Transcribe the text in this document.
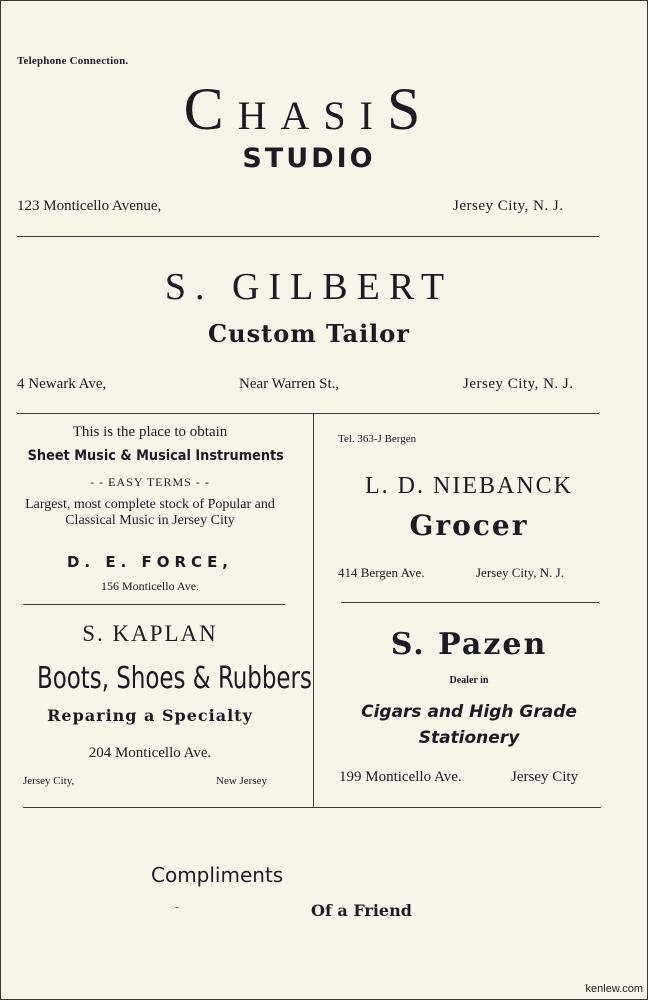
Telephone Connection.
CHASIS
STUDIO
123 Monticello Avenue,	Jersey City, N. J.
S. GILBERT
Custom Tailor
4 Newark Ave,	Near Warren St.,	Jersey City, N. J.
This is the place to obtain
Sheet Music & Musical Instruments
- - EASY TERMS - -
Largest, most complete stock of Popular and Classical Music in Jersey City
D. E. FORCE,
156 Monticello Ave.
Tel. 363-J Bergen
L. D. NIEBANCK
Grocer
414 Bergen Ave.	Jersey City, N. J.
S. KAPLAN
Boots, Shoes & Rubbers
Reparing a Specialty
204 Monticello Ave.
Jersey City,	New Jersey
S. Pazen
Dealer in
Cigars and High Grade Stationery
199 Monticello Ave.	Jersey City
Compliments
Of a Friend
kenlew.com
